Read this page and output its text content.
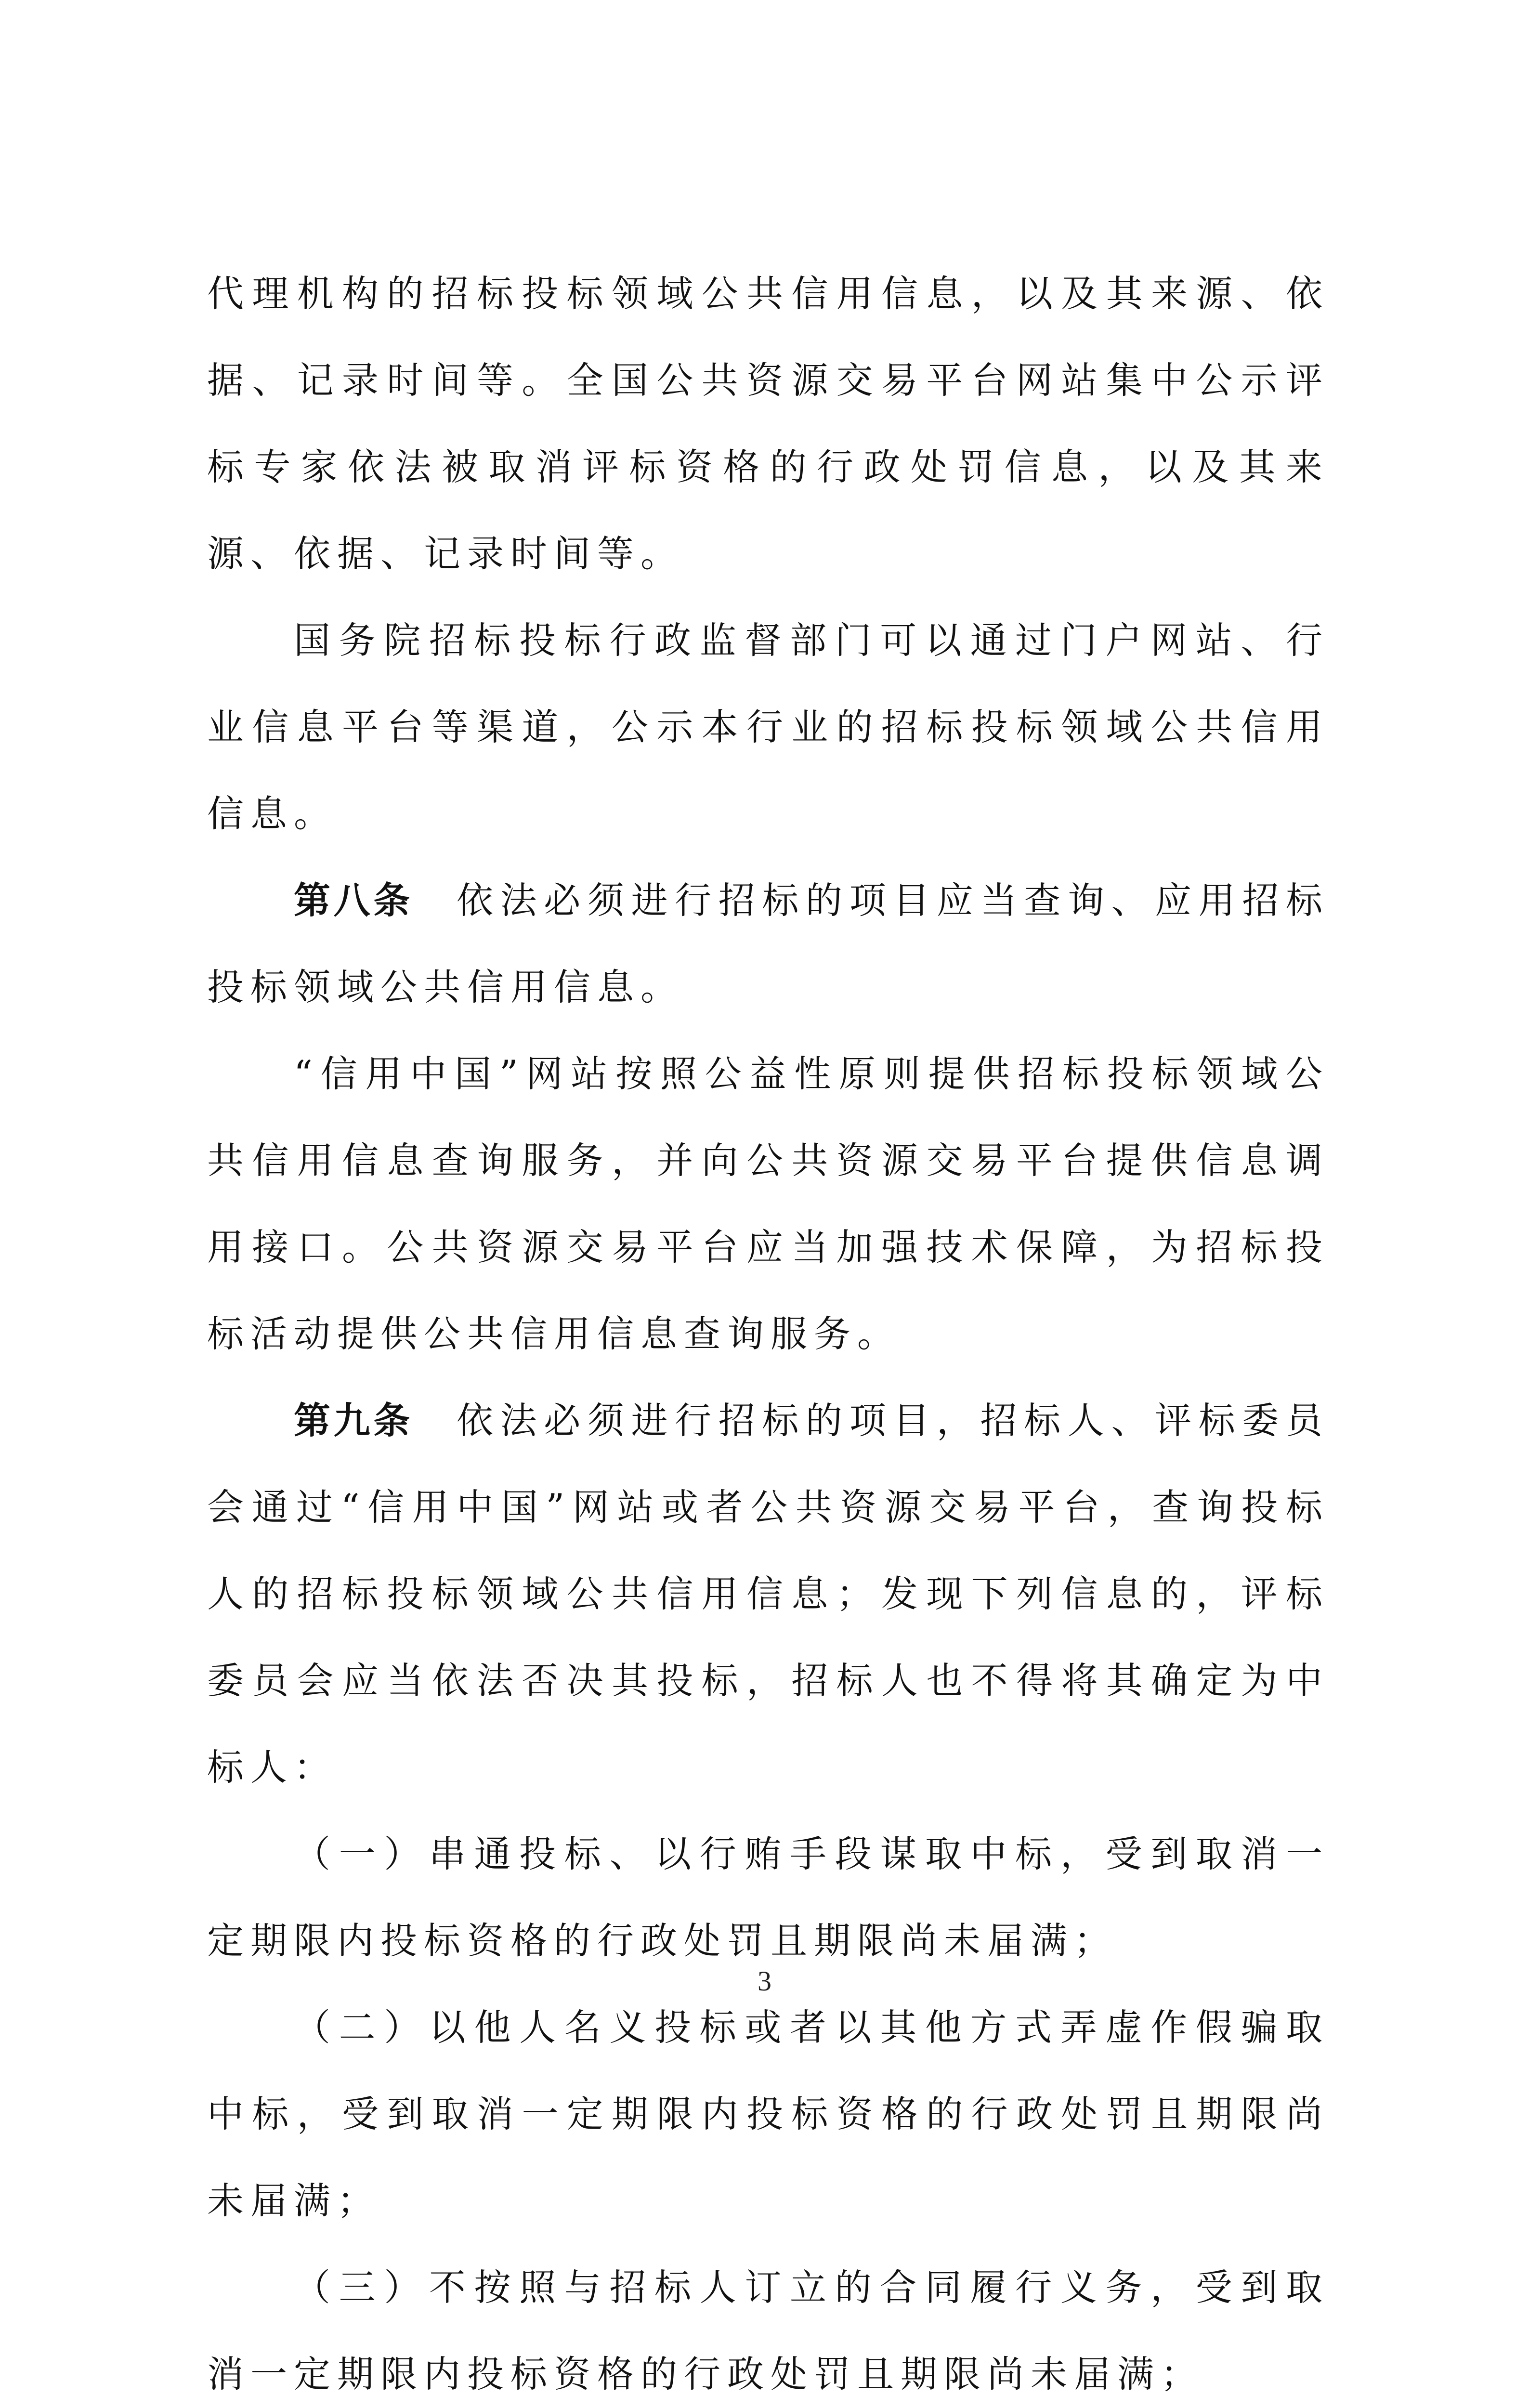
代理机构的招标投标领域公共信用信息，以及其来源、依据、记录时间等。全国公共资源交易平台网站集中公示评标专家依法被取消评标资格的行政处罚信息，以及其来源、依据、记录时间等。

国务院招标投标行政监督部门可以通过门户网站、行业信息平台等渠道，公示本行业的招标投标领域公共信用信息。

第八条 依法必须进行招标的项目应当查询、应用招标投标领域公共信用信息。

“信用中国”网站按照公益性原则提供招标投标领域公共信用信息查询服务，并向公共资源交易平台提供信息调用接口。公共资源交易平台应当加强技术保障，为招标投标活动提供公共信用信息查询服务。

第九条 依法必须进行招标的项目，招标人、评标委员会通过“信用中国”网站或者公共资源交易平台，查询投标人的招标投标领域公共信用信息；发现下列信息的，评标委员会应当依法否决其投标，招标人也不得将其确定为中标人：

（一）串通投标、以行贿手段谋取中标，受到取消一定期限内投标资格的行政处罚且期限尚未届满；

（二）以他人名义投标或者以其他方式弄虚作假骗取中标，受到取消一定期限内投标资格的行政处罚且期限尚未届满；

（三）不按照与招标人订立的合同履行义务，受到取消一定期限内投标资格的行政处罚且期限尚未届满；

3
